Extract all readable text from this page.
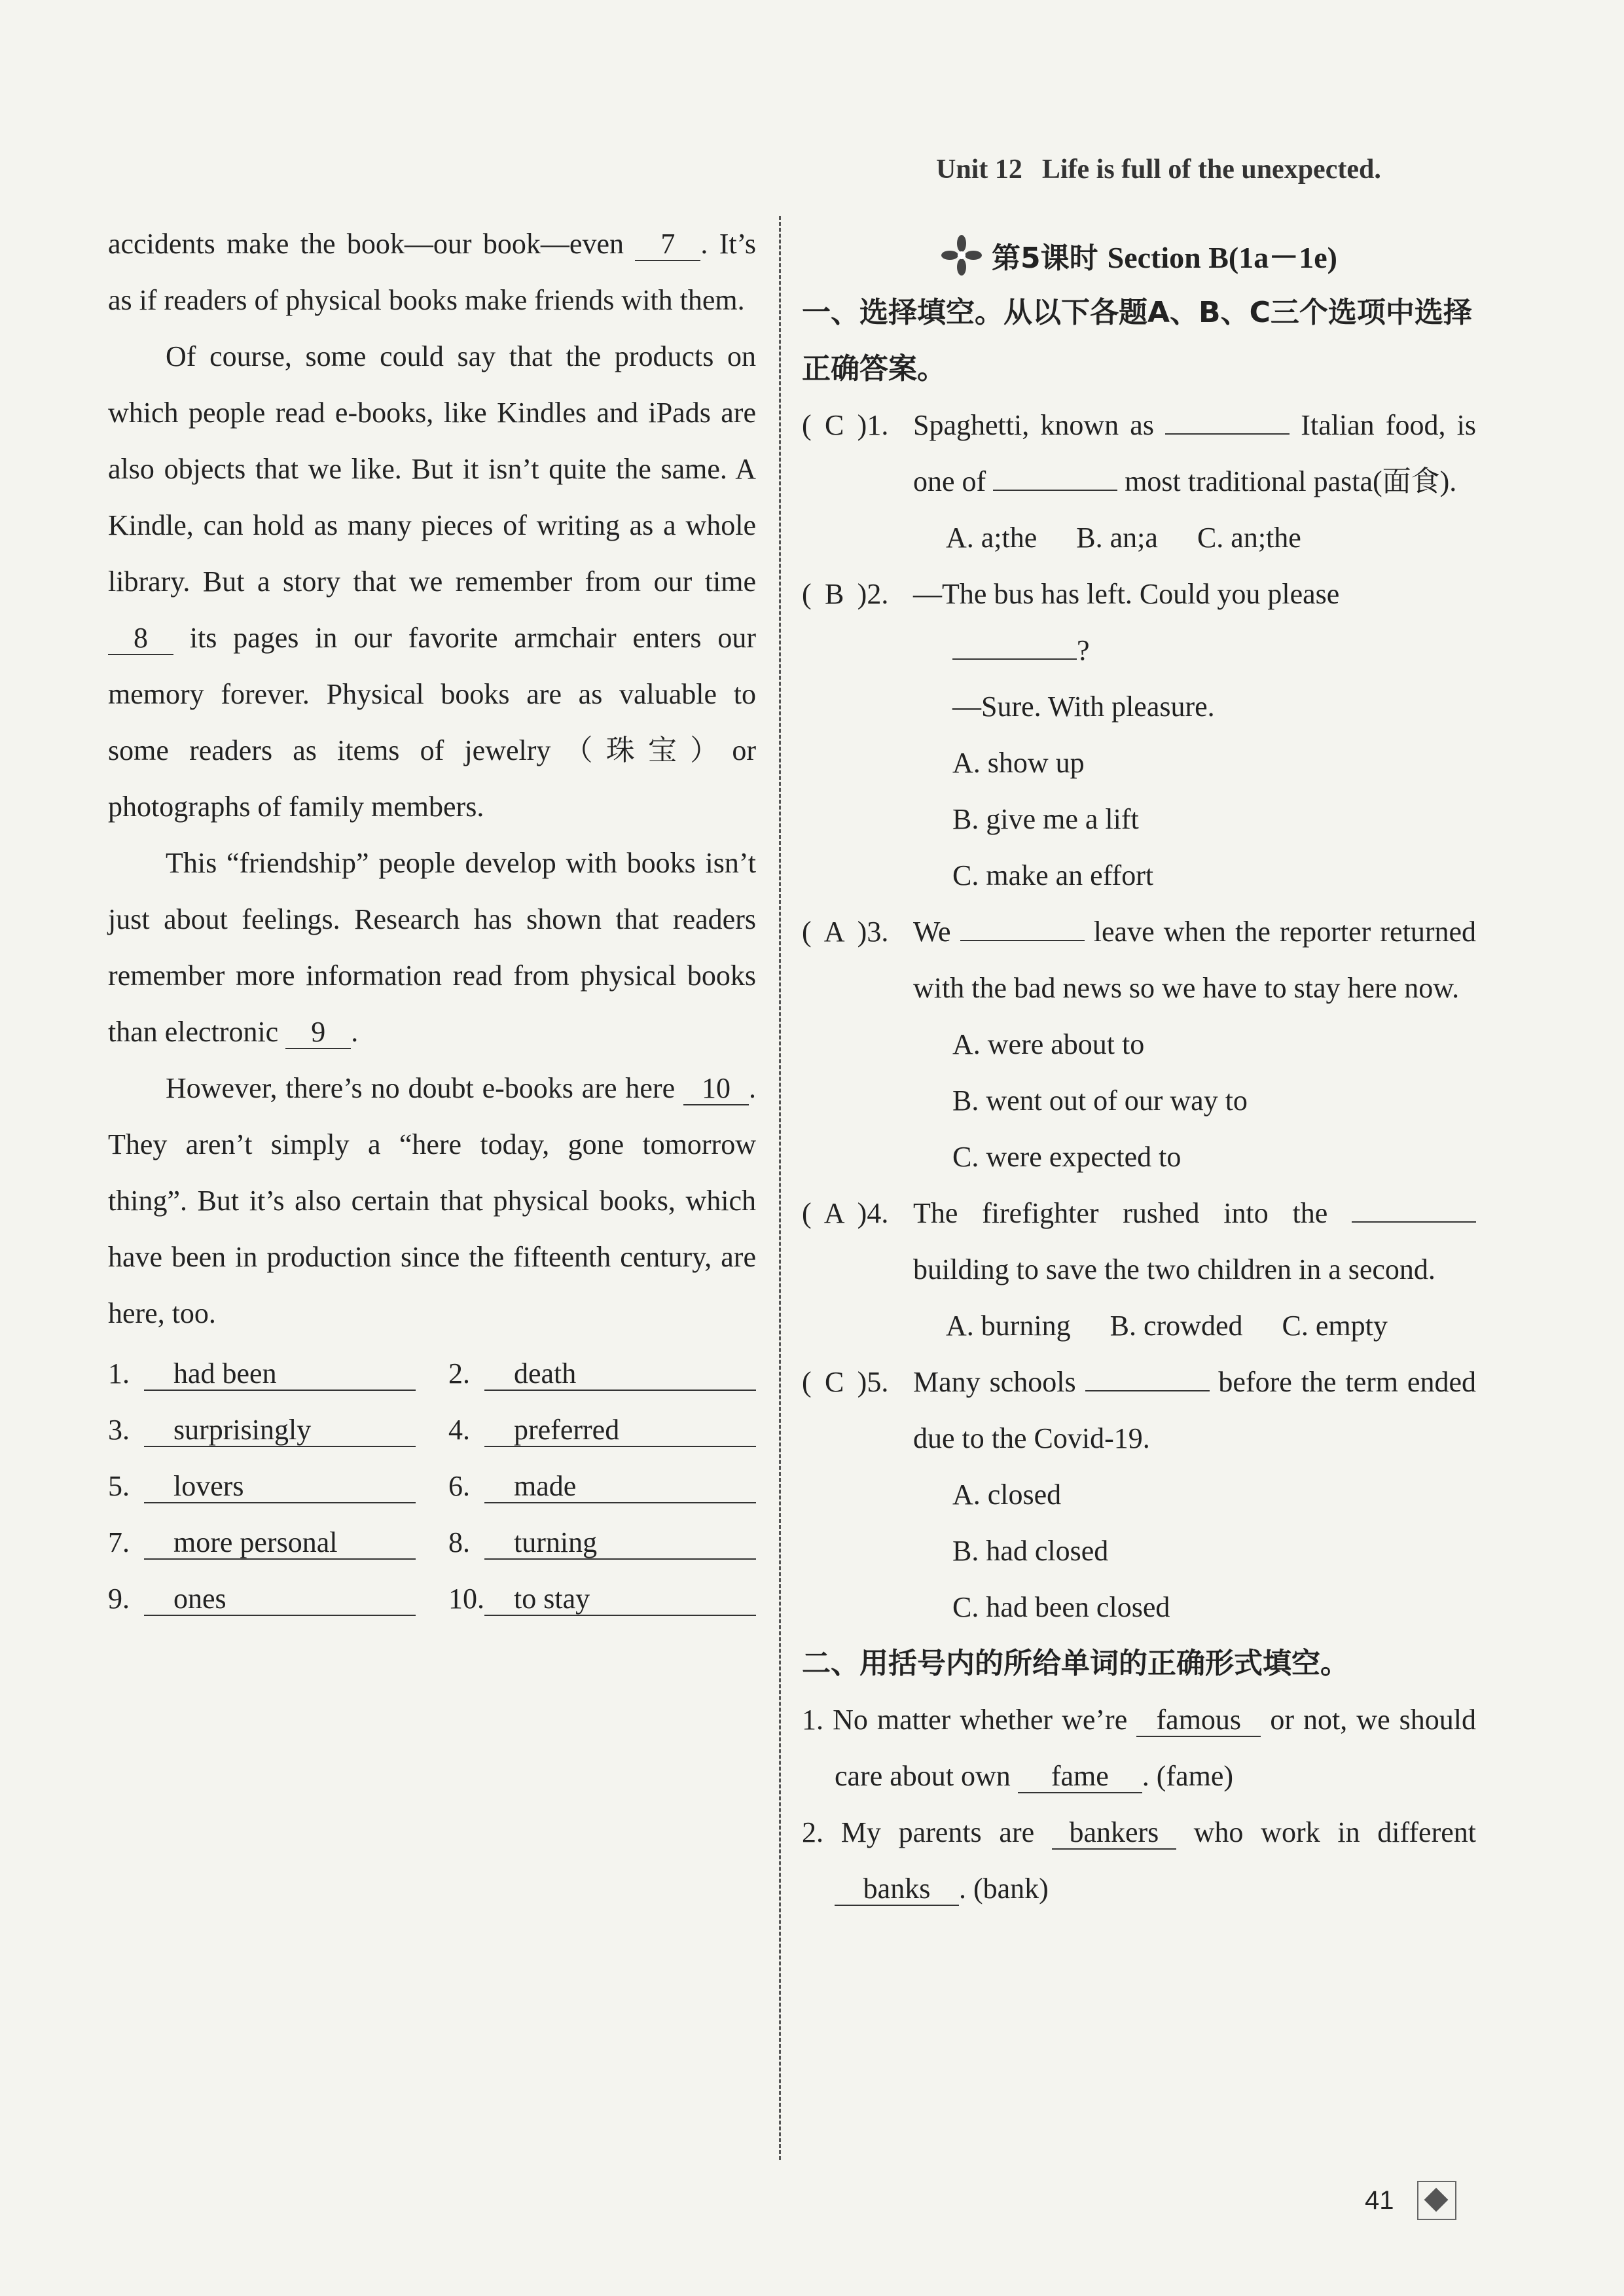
Unit 12 Life is full of the unexpected.

accidents make the book—our book—even 7 . It’s as if readers of physical books make friends with them.

Of course, some could say that the products on which people read e-books, like Kindles and iPads are also objects that we like. But it isn’t quite the same. A Kindle, can hold as many pieces of writing as a whole library. But a story that we remember from our time 8 its pages in our favorite armchair enters our memory forever. Physical books are as valuable to some readers as items of jewelry（珠宝）or photographs of family members.

This “friendship” people develop with books isn’t just about feelings. Research has shown that readers remember more information read from physical books than electronic 9 .

However, there’s no doubt e-books are here 10 . They aren’t simply a “here today, gone tomorrow thing”. But it’s also certain that physical books, which have been in production since the fifteenth century, are here, too.

1.	had been	2.	death
3.	surprisingly	4.	preferred
5.	lovers	6.	made
7.	more personal	8.	turning
9.	ones	10.	to stay
第5课时 Section B(1a－1e)

一、选择填空。从以下各题A、B、C三个选项中选择正确答案。

( C )1. Spaghetti, known as	Italian food, is one of	most traditional pasta(面食).
A. a;the B. an;a C. an;the
( B )2. —The bus has left. Could you please
?
—Sure. With pleasure.
A. show up
B. give me a lift
C. make an effort
( A )3. We	leave when the reporter returned with the bad news so we have to stay here now.
A. were about to
B. went out of our way to
C. were expected to
( A )4. The firefighter rushed into the  building to save the two children in a second.
A. burning B. crowded C. empty
( C )5. Many schools	before the term ended due to the Covid-19.
A. closed
B. had closed
C. had been closed

二、用括号内的所给单词的正确形式填空。

1. No matter whether we’re famous or not, we should care about own fame . (fame)
2. My parents are bankers who work in different banks . (bank)
41
